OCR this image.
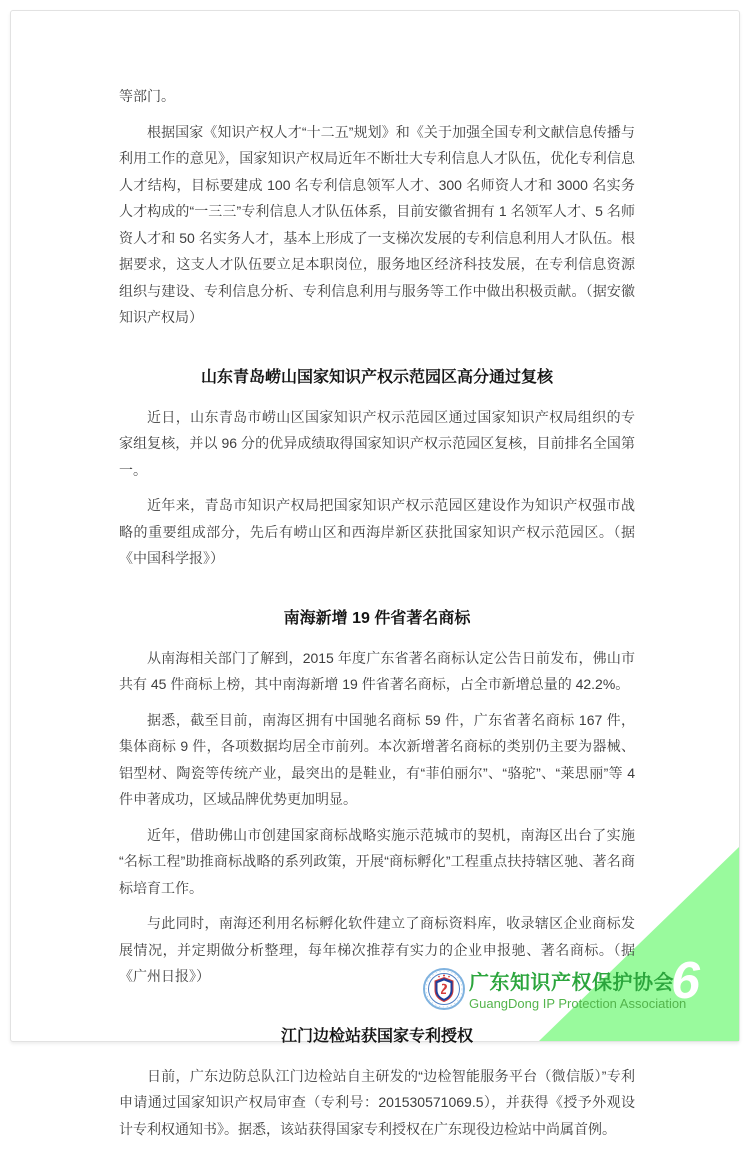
等部门。

根据国家《知识产权人才“十二五”规划》和《关于加强全国专利文献信息传播与利用工作的意见》，国家知识产权局近年不断壮大专利信息人才队伍，优化专利信息人才结构，目标要建成 100 名专利信息领军人才、300 名师资人才和 3000 名实务人才构成的“一三三”专利信息人才队伍体系，目前安徽省拥有 1 名领军人才、5 名师资人才和 50 名实务人才，基本上形成了一支梯次发展的专利信息利用人才队伍。根据要求，这支人才队伍要立足本职岗位，服务地区经济科技发展，在专利信息资源组织与建设、专利信息分析、专利信息利用与服务等工作中做出积极贡献。（据安徽知识产权局）

山东青岛崂山国家知识产权示范园区高分通过复核

近日，山东青岛市崂山区国家知识产权示范园区通过国家知识产权局组织的专家组复核，并以 96 分的优异成绩取得国家知识产权示范园区复核，目前排名全国第一。

近年来，青岛市知识产权局把国家知识产权示范园区建设作为知识产权强市战略的重要组成部分，先后有崂山区和西海岸新区获批国家知识产权示范园区。（据《中国科学报》）

南海新增 19 件省著名商标

从南海相关部门了解到，2015 年度广东省著名商标认定公告日前发布，佛山市共有 45 件商标上榜，其中南海新增 19 件省著名商标，占全市新增总量的 42.2%。

据悉，截至目前，南海区拥有中国驰名商标 59 件，广东省著名商标 167 件，集体商标 9 件，各项数据均居全市前列。本次新增著名商标的类别仍主要为器械、铝型材、陶瓷等传统产业，最突出的是鞋业，有“菲伯丽尔”、“骆驼”、“莱思丽”等 4 件申著成功，区域品牌优势更加明显。

近年，借助佛山市创建国家商标战略实施示范城市的契机，南海区出台了实施“名标工程”助推商标战略的系列政策，开展“商标孵化”工程重点扶持辖区驰、著名商标培育工作。

与此同时，南海还利用名标孵化软件建立了商标资料库，收录辖区企业商标发展情况，并定期做分析整理，每年梯次推荐有实力的企业申报驰、著名商标。（据《广州日报》）

江门边检站获国家专利授权

日前，广东边防总队江门边检站自主研发的“边检智能服务平台（微信版）”专利申请通过国家知识产权局审查（专利号：201530571069.5），并获得《授予外观设计专利权通知书》。据悉，该站获得国家专利授权在广东现役边检站中尚属首例。

广东知识产权保护协会
GuangDong IP Protection Association
6
